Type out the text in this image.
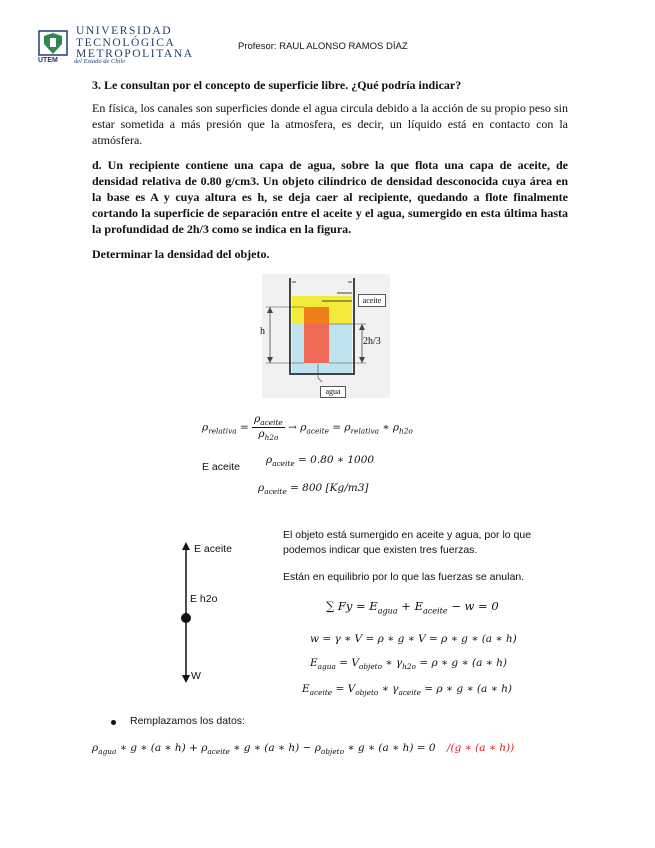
UNIVERSIDAD
TECNOLÓGICA
METROPOLITANA
UTEM del Estado de Chile
Profesor: RAUL ALONSO RAMOS DÍAZ
3. Le consultan por el concepto de superficie libre. ¿Qué podría indicar?
En física, los canales son superficies donde el agua circula debido a la acción de su propio peso sin estar sometida a más presión que la atmosfera, es decir, un líquido está en contacto con la atmósfera.
d. Un recipiente contiene una capa de agua, sobre la que flota una capa de aceite, de densidad relativa de 0.80 g/cm3. Un objeto cilíndrico de densidad desconocida cuya área en la base es A y cuya altura es h, se deja caer al recipiente, quedando a flote finalmente cortando la superficie de separación entre el aceite y el agua, sumergido en esta última hasta la profundidad de 2h/3 como se indica en la figura.
Determinar la densidad del objeto.
aceite
h
2h/3
agua
$\rho_{relativa} = \frac{\rho_{aceite}}{\rho_{h2o}} \to \rho_{aceite} = \rho_{relativa}$ ∗ $\rho_{h2o}$
E aceite
$\rho_{aceite} = 0.80$ ∗ 1000
$\rho_{aceite} = 800$ [Kg/m3]
E aceite
E h2o
W
El objeto está sumergido en aceite y agua, por lo que podemos indicar que existen tres fuerzas.
Están en equilibrio por lo que las fuerzas se anulan.
∑ $Fy = E_{agua} + E_{aceite} - w = 0$
w = γ ∗ V = ρ ∗ g ∗ V = ρ ∗ g ∗ (a ∗ h)
$E_{agua} = V_{objeto}$ ∗ $\gamma_{h2o} = \rho$ ∗ g ∗ (a ∗ h)
$E_{aceite} = V_{objeto}$ ∗ $\gamma_{aceite} = \rho$ ∗ g ∗ (a ∗ h)
Remplazamos los datos:
$\rho_{agua}$ ∗ g ∗ (a ∗ $h) + \rho_{aceite}$ ∗ g ∗ (a ∗ $h) - \rho_{objeto}$ ∗ g ∗ (a ∗ h) = 0 /(g ∗ (a ∗ h))
